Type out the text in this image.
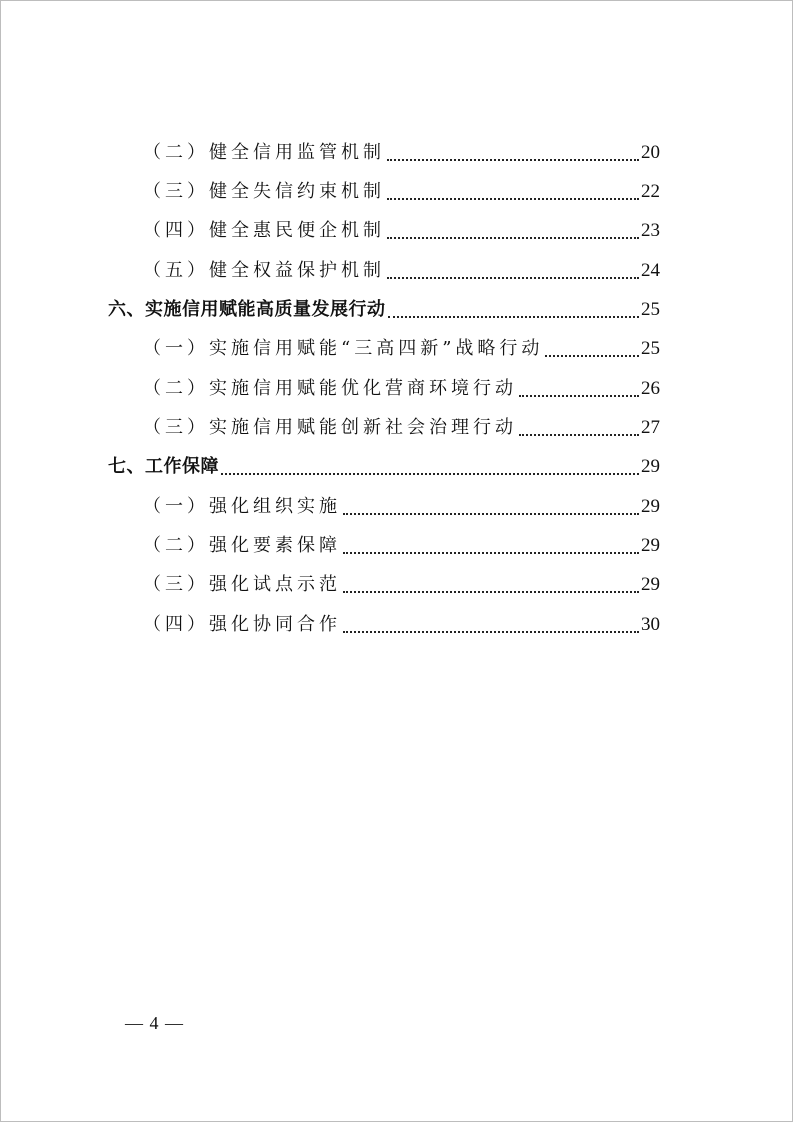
（二）健全信用监管机制	20
（三）健全失信约束机制	22
（四）健全惠民便企机制	23
（五）健全权益保护机制	24
六、实施信用赋能高质量发展行动	25
（一）实施信用赋能“三高四新”战略行动	25
（二）实施信用赋能优化营商环境行动	26
（三）实施信用赋能创新社会治理行动	27
七、工作保障	29
（一）强化组织实施	29
（二）强化要素保障	29
（三）强化试点示范	29
（四）强化协同合作	30
— 4 —
